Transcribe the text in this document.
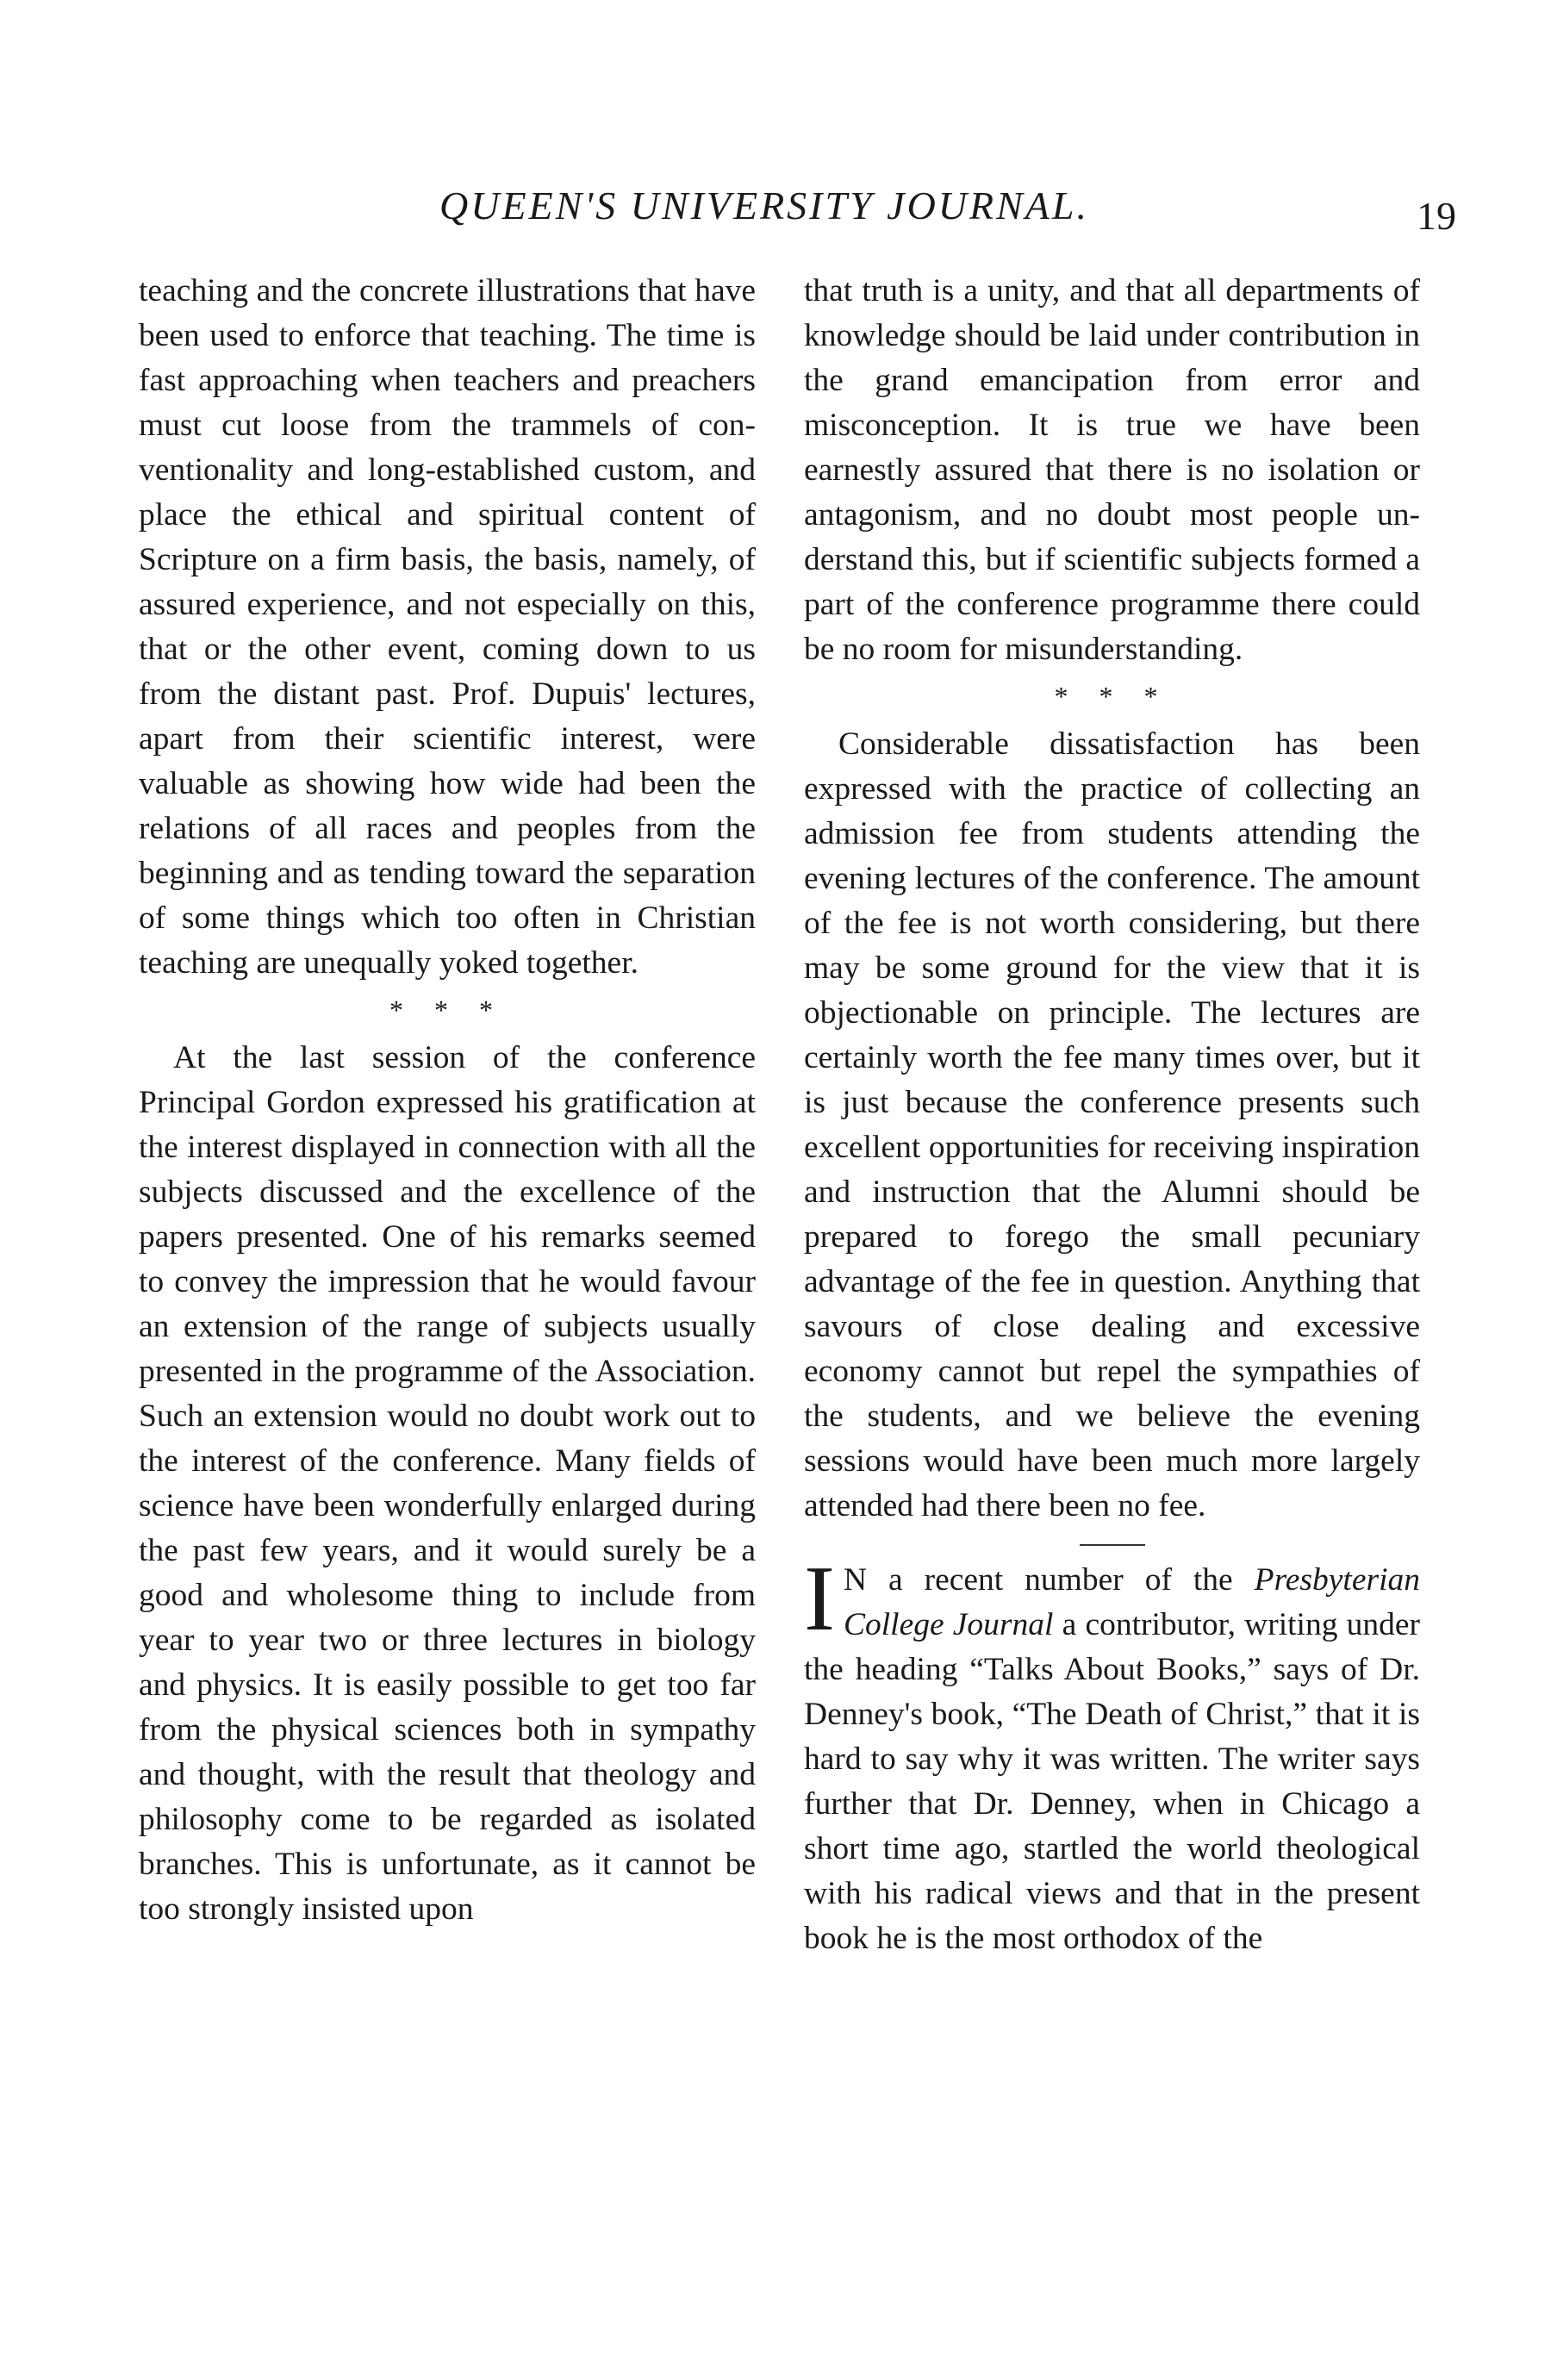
QUEEN'S UNIVERSITY JOURNAL.	19

teaching and the concrete illustrations that have been used to enforce that teaching. The time is fast approaching when teachers and preachers must cut loose from the trammels of conventionality and long-established custom, and place the ethical and spiritual content of Scripture on a firm basis, the basis, namely, of assured experience, and not especially on this, that or the other event, coming down to us from the distant past. Prof. Dupuis' lectures, apart from their scientific interest, were valuable as showing how wide had been the relations of all races and peoples from the beginning and as tending toward the separation of some things which too often in Christian teaching are unequally yoked together.

* * *

At the last session of the conference Principal Gordon expressed his gratification at the interest displayed in connection with all the subjects discussed and the excellence of the papers presented. One of his remarks seemed to convey the impression that he would favour an extension of the range of subjects usually presented in the programme of the Association. Such an extension would no doubt work out to the interest of the conference. Many fields of science have been wonderfully enlarged during the past few years, and it would surely be a good and wholesome thing to include from year to year two or three lectures in biology and physics. It is easily possible to get too far from the physical sciences both in sympathy and thought, with the result that theology and philosophy come to be regarded as isolated branches. This is unfortunate, as it cannot be too strongly insisted upon

that truth is a unity, and that all departments of knowledge should be laid under contribution in the grand emancipation from error and misconception. It is true we have been earnestly assured that there is no isolation or antagonism, and no doubt most people understand this, but if scientific subjects formed a part of the conference programme there could be no room for misunderstanding.

* * *

Considerable dissatisfaction has been expressed with the practice of collecting an admission fee from students attending the evening lectures of the conference. The amount of the fee is not worth considering, but there may be some ground for the view that it is objectionable on principle. The lectures are certainly worth the fee many times over, but it is just because the conference presents such excellent opportunities for receiving inspiration and instruction that the Alumni should be prepared to forego the small pecuniary advantage of the fee in question. Anything that savours of close dealing and excessive economy cannot but repel the sympathies of the students, and we believe the evening sessions would have been much more largely attended had there been no fee.

I N a recent number of the Presbyterian College Journal a contributor, writing under the heading “Talks About Books,” says of Dr. Denney's book, “The Death of Christ,” that it is hard to say why it was written. The writer says further that Dr. Denney, when in Chicago a short time ago, startled the world theological with his radical views and that in the present book he is the most orthodox of the
